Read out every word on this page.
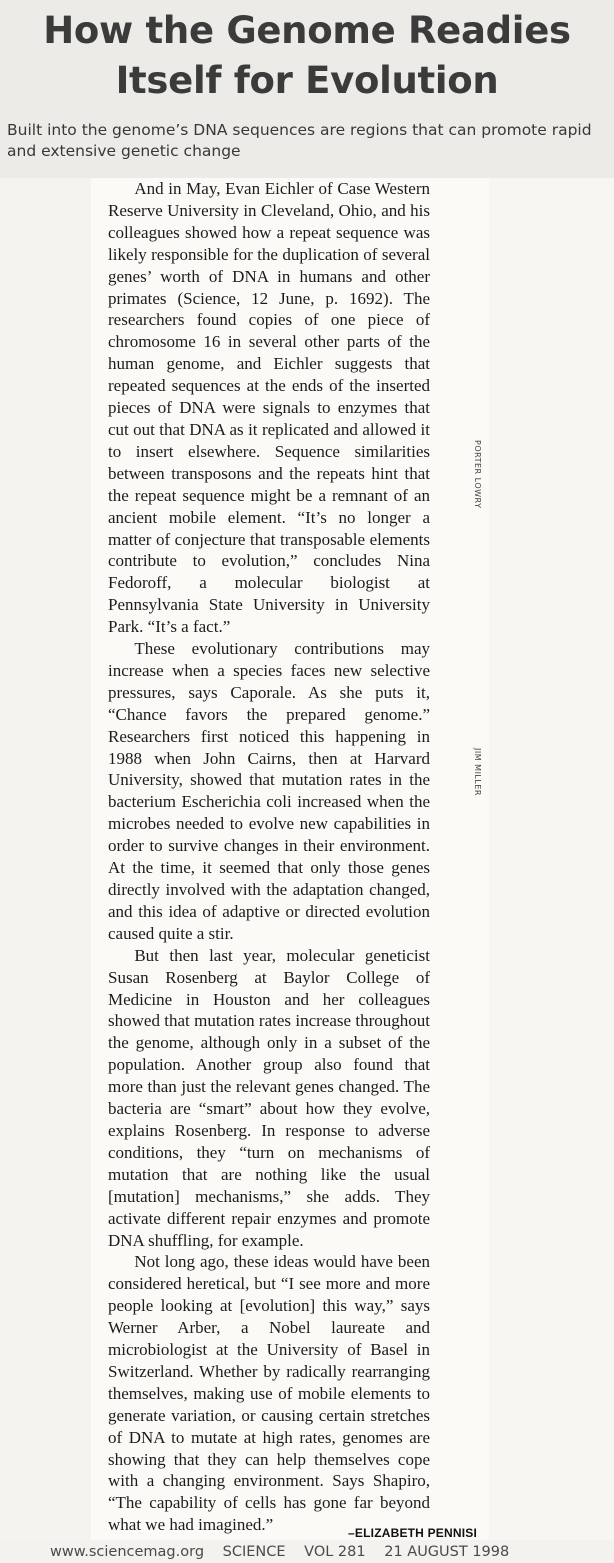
How the Genome Readies
Itself for Evolution
Built into the genome’s DNA sequences are regions that can promote rapid and extensive genetic change

And in May, Evan Eichler of Case Western Reserve University in Cleveland, Ohio, and his colleagues showed how a repeat sequence was likely responsible for the duplication of several genes’ worth of DNA in humans and other primates (Science, 12 June, p. 1692). The researchers found copies of one piece of chromosome 16 in several other parts of the human genome, and Eichler suggests that repeated sequences at the ends of the inserted pieces of DNA were signals to enzymes that cut out that DNA as it replicated and allowed it to insert elsewhere. Sequence similarities between transposons and the repeats hint that the repeat sequence might be a remnant of an ancient mobile element. “It’s no longer a matter of conjecture that transposable elements contribute to evolution,” concludes Nina Fedoroff, a molecular biologist at Pennsylvania State University in University Park. “It’s a fact.”

These evolutionary contributions may increase when a species faces new selective pressures, says Caporale. As she puts it, “Chance favors the prepared genome.” Researchers first noticed this happening in 1988 when John Cairns, then at Harvard University, showed that mutation rates in the bacterium Escherichia coli increased when the microbes needed to evolve new capabilities in order to survive changes in their environment. At the time, it seemed that only those genes directly involved with the adaptation changed, and this idea of adaptive or directed evolution caused quite a stir.

But then last year, molecular geneticist Susan Rosenberg at Baylor College of Medicine in Houston and her colleagues showed that mutation rates increase throughout the genome, although only in a subset of the population. Another group also found that more than just the relevant genes changed. The bacteria are “smart” about how they evolve, explains Rosenberg. In response to adverse conditions, they “turn on mechanisms of mutation that are nothing like the usual [mutation] mechanisms,” she adds. They activate different repair enzymes and promote DNA shuffling, for example.

Not long ago, these ideas would have been considered heretical, but “I see more and more people looking at [evolution] this way,” says Werner Arber, a Nobel laureate and microbiologist at the University of Basel in Switzerland. Whether by radically rearranging themselves, making use of mobile elements to generate variation, or causing certain stretches of DNA to mutate at high rates, genomes are showing that they can help themselves cope with a changing environment. Says Shapiro, “The capability of cells has gone far beyond what we had imagined.”	–ELIZABETH PENNISI
PORTER LOWRY
JIM MILLER
www.sciencemag.org SCIENCE VOL 281 21 AUGUST 1998
